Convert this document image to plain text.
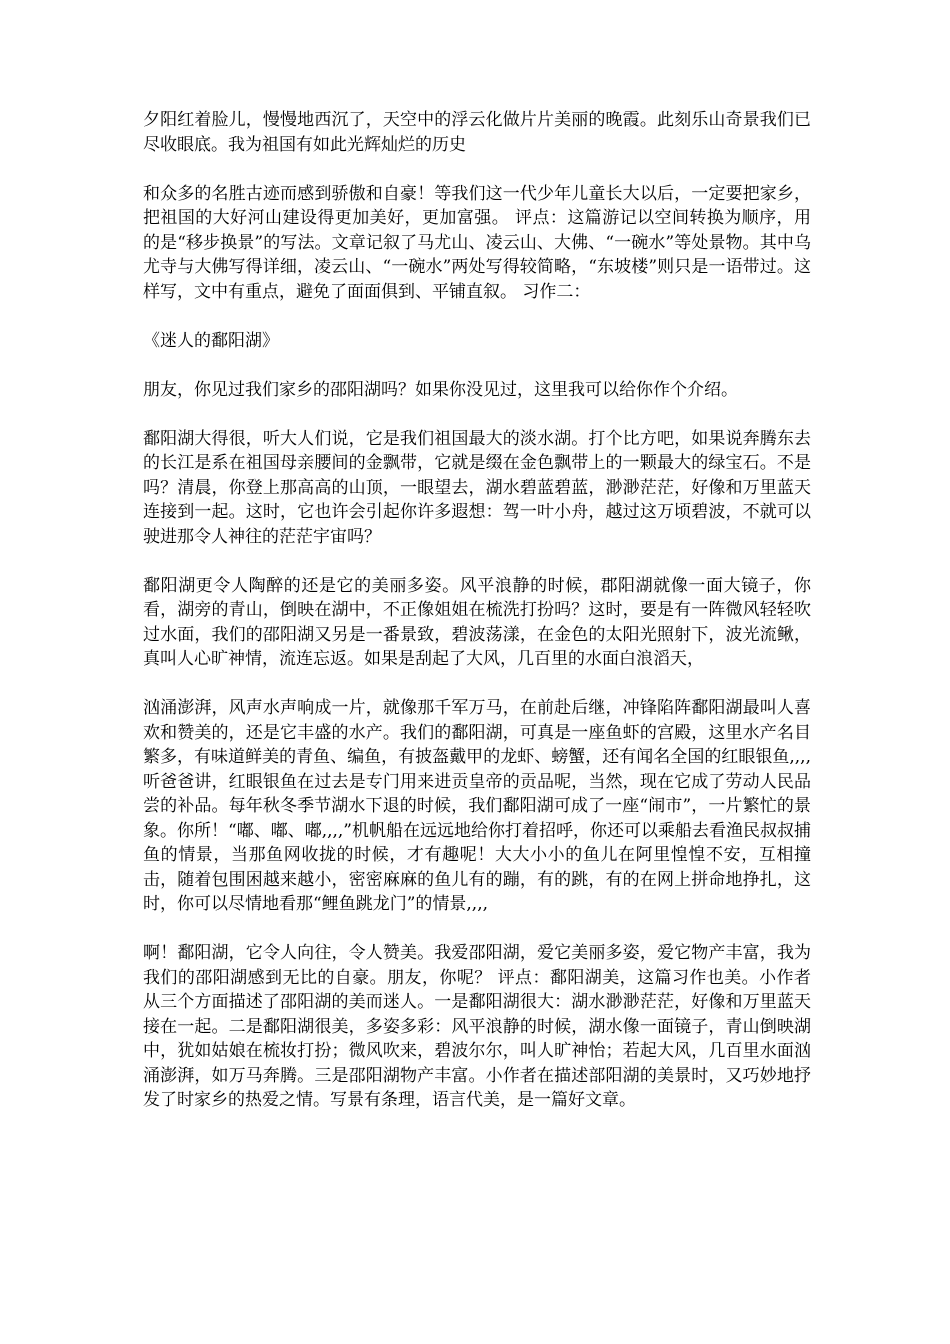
夕阳红着脸儿，慢慢地西沉了，天空中的浮云化做片片美丽的晚霞。此刻乐山奇景我们已尽收眼底。我为祖国有如此光辉灿烂的历史

和众多的名胜古迹而感到骄傲和自豪！等我们这一代少年儿童长大以后，一定要把家乡，把祖国的大好河山建设得更加美好，更加富强。 评点：这篇游记以空间转换为顺序，用的是“移步换景”的写法。文章记叙了马尤山、凌云山、大佛、“一碗水”等处景物。其中乌尤寺与大佛写得详细，凌云山、“一碗水”两处写得较简略，“东坡楼”则只是一语带过。这样写，文中有重点，避免了面面俱到、平铺直叙。 习作二：

《迷人的鄱阳湖》

朋友，你见过我们家乡的邵阳湖吗？如果你没见过，这里我可以给你作个介绍。

鄱阳湖大得很，听大人们说，它是我们祖国最大的淡水湖。打个比方吧，如果说奔腾东去的长江是系在祖国母亲腰间的金飘带，它就是缀在金色飘带上的一颗最大的绿宝石。不是吗？清晨，你登上那高高的山顶，一眼望去，湖水碧蓝碧蓝，渺渺茫茫，好像和万里蓝天连接到一起。这时，它也许会引起你许多遐想：驾一叶小舟，越过这万顷碧波，不就可以驶进那令人神往的茫茫宇宙吗？

鄱阳湖更令人陶醉的还是它的美丽多姿。风平浪静的时候，郡阳湖就像一面大镜子，你看，湖旁的青山，倒映在湖中，不正像姐姐在梳洗打扮吗？这时，要是有一阵微风轻轻吹过水面，我们的邵阳湖又另是一番景致，碧波荡漾，在金色的太阳光照射下，波光流鳅，真叫人心旷神情，流连忘返。如果是刮起了大风，几百里的水面白浪滔天，

汹涌澎湃，风声水声响成一片，就像那千军万马，在前赴后继，冲锋陷阵鄱阳湖最叫人喜欢和赞美的，还是它丰盛的水产。我们的鄱阳湖，可真是一座鱼虾的宫殿，这里水产名目繁多，有味道鲜美的青鱼、编鱼，有披盔戴甲的龙虾、螃蟹，还有闻名全国的红眼银鱼,,,,听爸爸讲，红眼银鱼在过去是专门用来进贡皇帝的贡品呢，当然，现在它成了劳动人民品尝的补品。每年秋冬季节湖水下退的时候，我们鄱阳湖可成了一座“闹市”，一片繁忙的景象。你所！“嘟、嘟、嘟,,,,”机帆船在远远地给你打着招呼，你还可以乘船去看渔民叔叔捕鱼的情景，当那鱼网收拢的时候，才有趣呢！大大小小的鱼儿在阿里惶惶不安，互相撞击，随着包围困越来越小，密密麻麻的鱼儿有的蹦，有的跳，有的在网上拼命地挣扎，这时，你可以尽情地看那“鲤鱼跳龙门”的情景,,,,

啊！鄱阳湖，它令人向往，令人赞美。我爱邵阳湖，爱它美丽多姿，爱它物产丰富，我为我们的邵阳湖感到无比的自豪。朋友，你呢？ 评点：鄱阳湖美，这篇习作也美。小作者从三个方面描述了邵阳湖的美而迷人。一是鄱阳湖很大：湖水渺渺茫茫，好像和万里蓝天接在一起。二是鄱阳湖很美，多姿多彩：风平浪静的时候，湖水像一面镜子，青山倒映湖中，犹如姑娘在梳妆打扮；微风吹来，碧波尔尔，叫人旷神怡；若起大风，几百里水面汹涌澎湃，如万马奔腾。三是邵阳湖物产丰富。小作者在描述部阳湖的美景时，又巧妙地抒发了时家乡的热爱之情。写景有条理，语言代美，是一篇好文章。
